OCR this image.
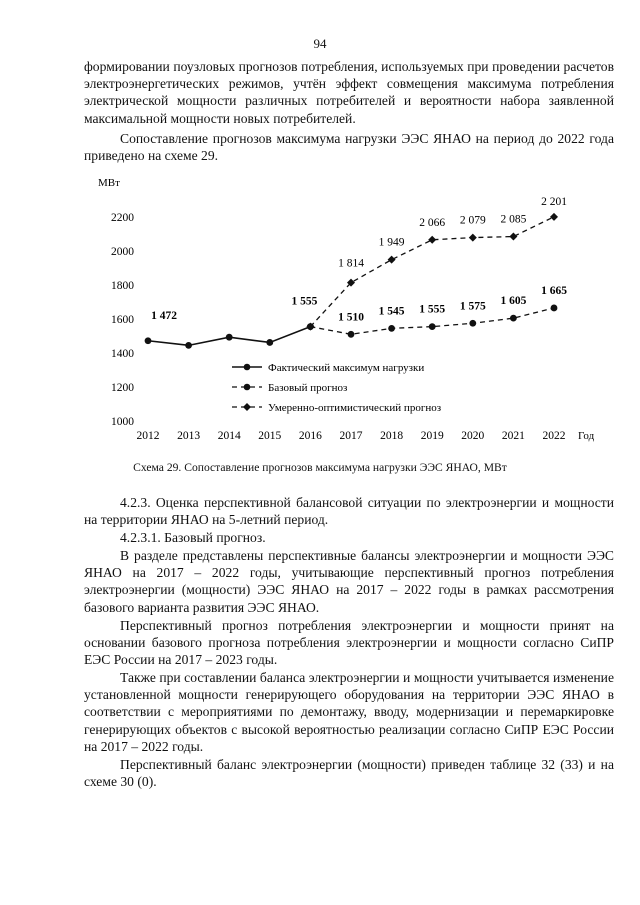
94

формировании поузловых прогнозов потребления, используемых при проведении расчетов электроэнергетических режимов, учтён эффект совмещения максимума потребления электрической мощности различных потребителей и вероятности набора заявленной максимальной мощности новых потребителей.

Сопоставление прогнозов максимума нагрузки ЭЭС ЯНАО на период до 2022 года приведено на схеме 29.

МВт
Год
1000
1200
1400
1600
1800
2000
2200
2012 2013 2014 2015 2016 2017 2018 2019 2020 2021 2022
1 472
1 555
1 510 1 545 1 555 1 575 1 605
1 665
1 814
1 949
2 066 2 079 2 085
2 201
Фактический максимум нагрузки
Базовый прогноз
Умеренно-оптимистический прогноз
Схема 29. Сопоставление прогнозов максимума нагрузки ЭЭС ЯНАО, МВт

4.2.3. Оценка перспективной балансовой ситуации по электроэнергии и мощности на территории ЯНАО на 5-летний период.

4.2.3.1. Базовый прогноз.

В разделе представлены перспективные балансы электроэнергии и мощности ЭЭС ЯНАО на 2017 – 2022 годы, учитывающие перспективный прогноз потребления электроэнергии (мощности) ЭЭС ЯНАО на 2017 – 2022 годы в рамках рассмотрения базового варианта развития ЭЭС ЯНАО.

Перспективный прогноз потребления электроэнергии и мощности принят на основании базового прогноза потребления электроэнергии и мощности согласно СиПР ЕЭС России на 2017 – 2023 годы.

Также при составлении баланса электроэнергии и мощности учитывается изменение установленной мощности генерирующего оборудования на территории ЭЭС ЯНАО в соответствии с мероприятиями по демонтажу, вводу, модернизации и перемаркировке генерирующих объектов с высокой вероятностью реализации согласно СиПР ЕЭС России на 2017 – 2022 годы.

Перспективный баланс электроэнергии (мощности) приведен таблице 32 (33) и на схеме 30 (0).
